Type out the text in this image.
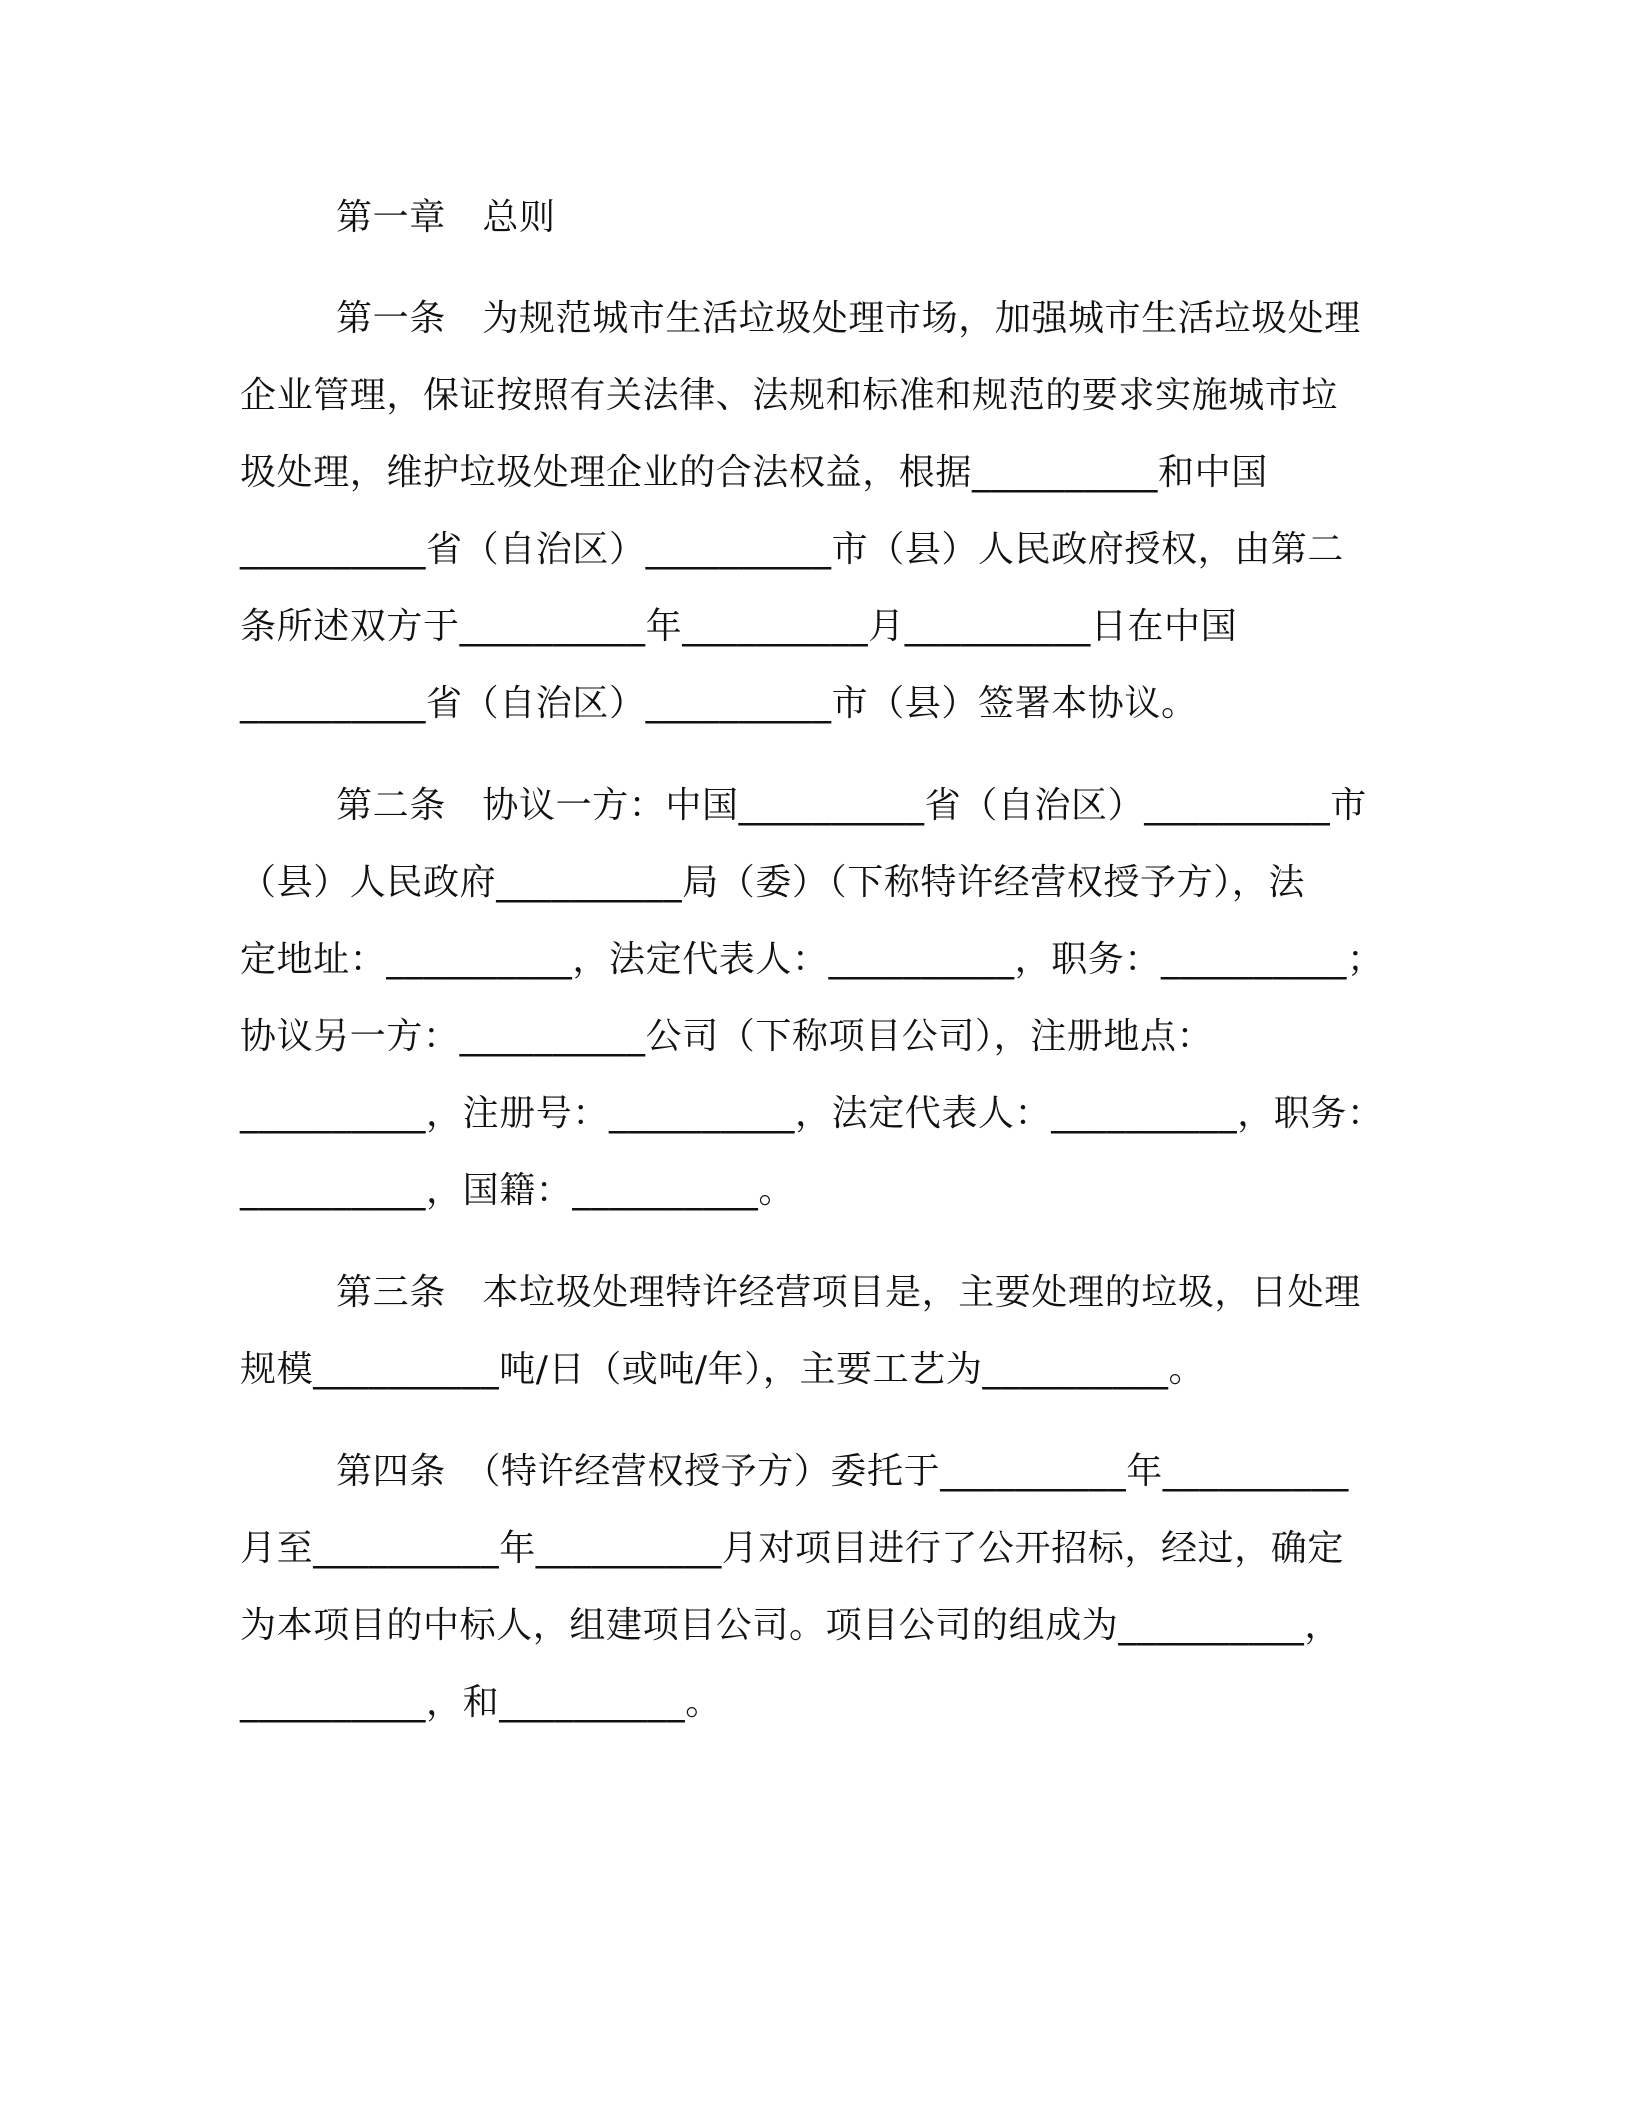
第一章　总则
第一条　为规范城市生活垃圾处理市场，加强城市生活垃圾处理
企业管理，保证按照有关法律、法规和标准和规范的要求实施城市垃
圾处理，维护垃圾处理企业的合法权益，根据__________和中国
__________省（自治区）__________市（县）人民政府授权，由第二
条所述双方于__________年__________月__________日在中国
__________省（自治区）__________市（县）签署本协议。
第二条　协议一方：中国__________省（自治区）__________市
（县）人民政府__________局（委）（下称特许经营权授予方），法
定地址：__________，法定代表人：__________，职务：__________；
协议另一方：__________公司（下称项目公司），注册地点：
__________，注册号：__________，法定代表人：__________，职务：
__________，国籍：__________。
第三条　本垃圾处理特许经营项目是，主要处理的垃圾，日处理
规模__________吨/日（或吨/年），主要工艺为__________。
第四条　（特许经营权授予方）委托于__________年__________
月至__________年__________月对项目进行了公开招标，经过，确定
为本项目的中标人，组建项目公司。项目公司的组成为__________，
__________，和__________。
